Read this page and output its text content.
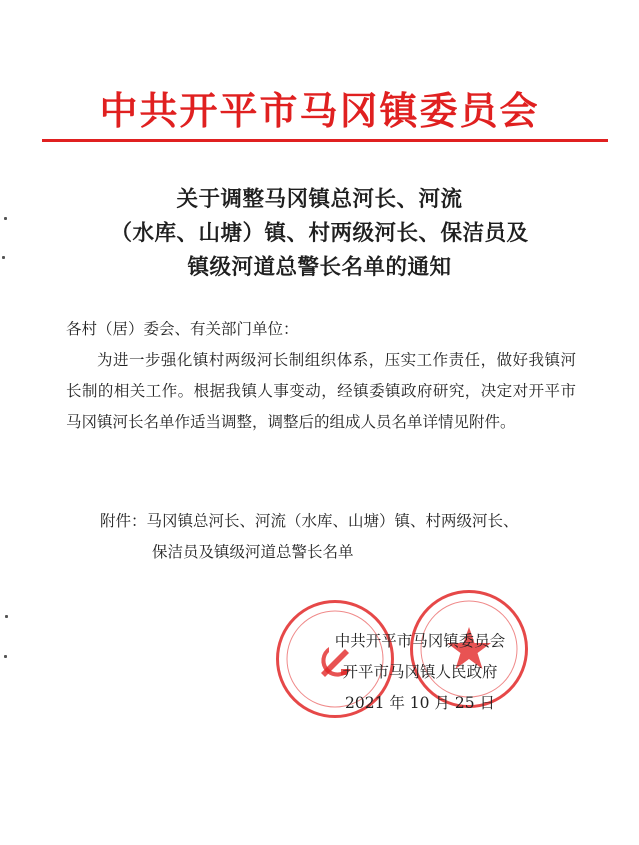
中共开平市马冈镇委员会
关于调整马冈镇总河长、河流
（水库、山塘）镇、村两级河长、保洁员及
镇级河道总警长名单的通知
各村（居）委会、有关部门单位：
为进一步强化镇村两级河长制组织体系，压实工作责任，做好我镇河长制的相关工作。根据我镇人事变动，经镇委镇政府研究，决定对开平市马冈镇河长名单作适当调整，调整后的组成人员名单详情见附件。
附件：马冈镇总河长、河流（水库、山塘）镇、村两级河长、
保洁员及镇级河道总警长名单
中共开平市马冈镇委员会
开平市马冈镇人民政府
2021 年 10 月 25 日
